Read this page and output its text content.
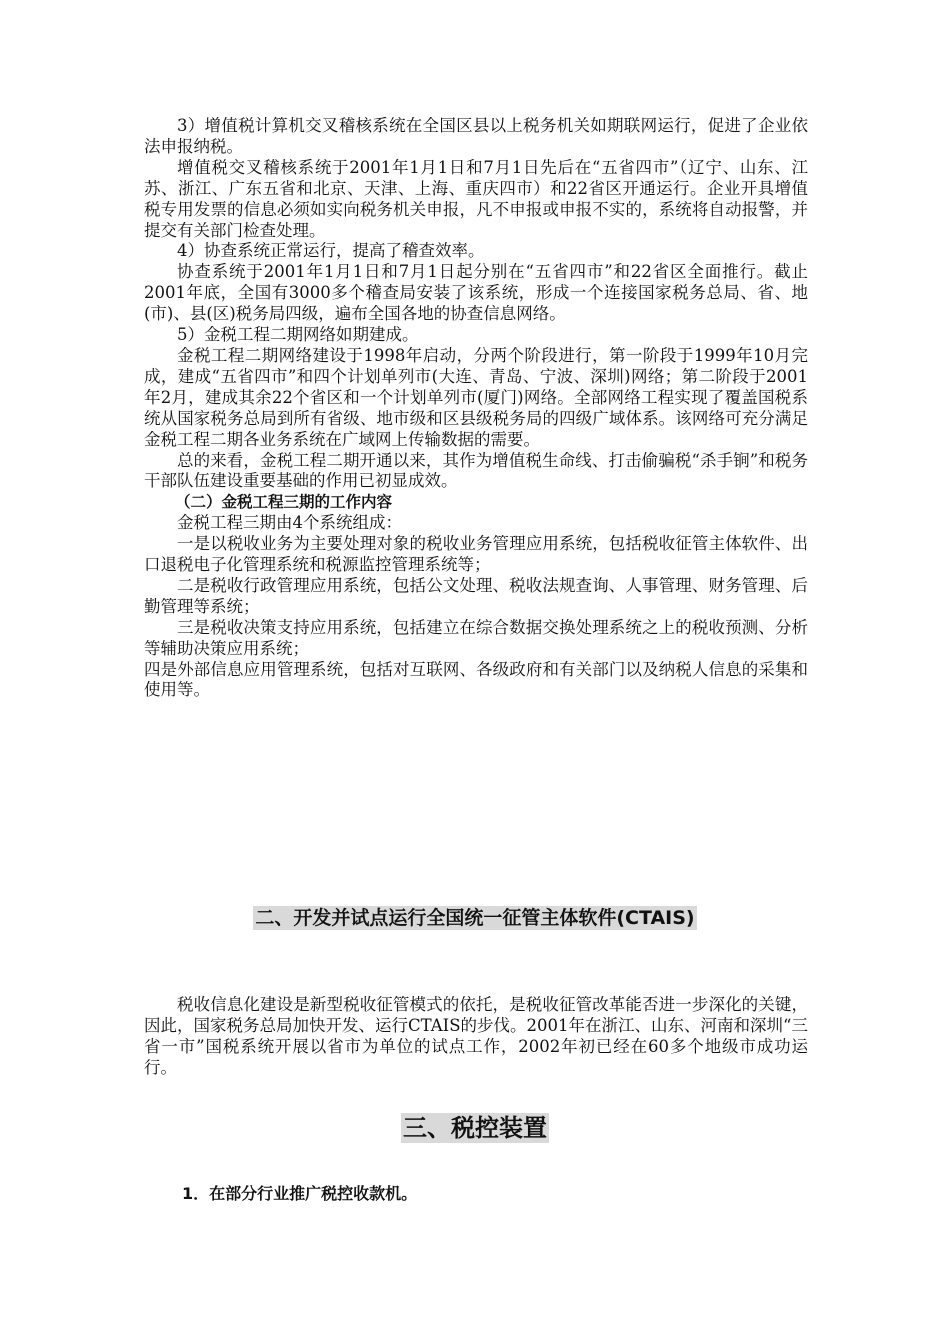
3）增值税计算机交叉稽核系统在全国区县以上税务机关如期联网运行，促进了企业依法申报纳税。

增值税交叉稽核系统于2001年1月1日和7月1日先后在“五省四市”（辽宁、山东、江苏、浙江、广东五省和北京、天津、上海、重庆四市）和22省区开通运行。企业开具增值税专用发票的信息必须如实向税务机关申报，凡不申报或申报不实的，系统将自动报警，并提交有关部门检查处理。

4）协查系统正常运行，提高了稽查效率。

协查系统于2001年1月1日和7月1日起分别在“五省四市”和22省区全面推行。截止2001年底，全国有3000多个稽查局安装了该系统，形成一个连接国家税务总局、省、地(市)、县(区)税务局四级，遍布全国各地的协查信息网络。

5）金税工程二期网络如期建成。

金税工程二期网络建设于1998年启动，分两个阶段进行，第一阶段于1999年10月完成，建成“五省四市”和四个计划单列市(大连、青岛、宁波、深圳)网络；第二阶段于2001年2月，建成其余22个省区和一个计划单列市(厦门)网络。全部网络工程实现了覆盖国税系统从国家税务总局到所有省级、地市级和区县级税务局的四级广域体系。该网络可充分满足金税工程二期各业务系统在广域网上传输数据的需要。

总的来看，金税工程二期开通以来，其作为增值税生命线、打击偷骗税“杀手锏”和税务干部队伍建设重要基础的作用已初显成效。

（二）金税工程三期的工作内容

金税工程三期由4个系统组成：

一是以税收业务为主要处理对象的税收业务管理应用系统，包括税收征管主体软件、出口退税电子化管理系统和税源监控管理系统等；

二是税收行政管理应用系统，包括公文处理、税收法规查询、人事管理、财务管理、后勤管理等系统；

三是税收决策支持应用系统，包括建立在综合数据交换处理系统之上的税收预测、分析等辅助决策应用系统；

四是外部信息应用管理系统，包括对互联网、各级政府和有关部门以及纳税人信息的采集和使用等。

二、开发并试点运行全国统一征管主体软件(CTAIS)

税收信息化建设是新型税收征管模式的依托，是税收征管改革能否进一步深化的关键，因此，国家税务总局加快开发、运行CTAIS的步伐。2001年在浙江、山东、河南和深圳“三省一市”国税系统开展以省市为单位的试点工作，2002年初已经在60多个地级市成功运行。

三、税控装置

1．在部分行业推广税控收款机。
